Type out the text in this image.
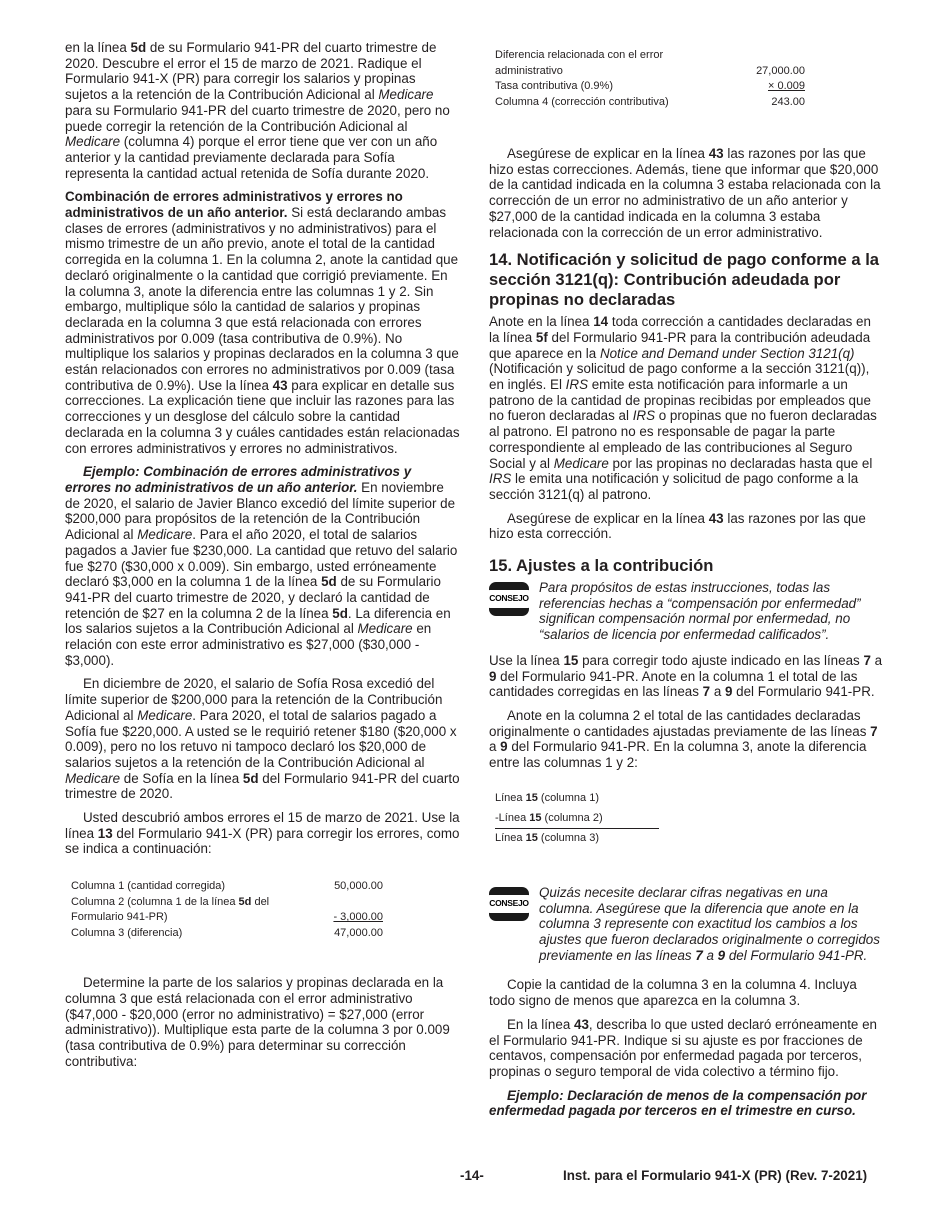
en la línea 5d de su Formulario 941-PR del cuarto trimestre de 2020. Descubre el error el 15 de marzo de 2021. Radique el Formulario 941-X (PR) para corregir los salarios y propinas sujetos a la retención de la Contribución Adicional al Medicare para su Formulario 941-PR del cuarto trimestre de 2020, pero no puede corregir la retención de la Contribución Adicional al Medicare (columna 4) porque el error tiene que ver con un año anterior y la cantidad previamente declarada para Sofía representa la cantidad actual retenida de Sofía durante 2020.

Combinación de errores administrativos y errores no administrativos de un año anterior. Si está declarando ambas clases de errores (administrativos y no administrativos) para el mismo trimestre de un año previo, anote el total de la cantidad corregida en la columna 1. En la columna 2, anote la cantidad que declaró originalmente o la cantidad que corrigió previamente. En la columna 3, anote la diferencia entre las columnas 1 y 2. Sin embargo, multiplique sólo la cantidad de salarios y propinas declarada en la columna 3 que está relacionada con errores administrativos por 0.009 (tasa contributiva de 0.9%). No multiplique los salarios y propinas declarados en la columna 3 que están relacionados con errores no administrativos por 0.009 (tasa contributiva de 0.9%). Use la línea 43 para explicar en detalle sus correcciones. La explicación tiene que incluir las razones para las correcciones y un desglose del cálculo sobre la cantidad declarada en la columna 3 y cuáles cantidades están relacionadas con errores administrativos y errores no administrativos.

Ejemplo: Combinación de errores administrativos y errores no administrativos de un año anterior. En noviembre de 2020, el salario de Javier Blanco excedió del límite superior de $200,000 para propósitos de la retención de la Contribución Adicional al Medicare. Para el año 2020, el total de salarios pagados a Javier fue $230,000. La cantidad que retuvo del salario fue $270 ($30,000 x 0.009). Sin embargo, usted erróneamente declaró $3,000 en la columna 1 de la línea 5d de su Formulario 941-PR del cuarto trimestre de 2020, y declaró la cantidad de retención de $27 en la columna 2 de la línea 5d. La diferencia en los salarios sujetos a la Contribución Adicional al Medicare en relación con este error administrativo es $27,000 ($30,000 - $3,000).

En diciembre de 2020, el salario de Sofía Rosa excedió del límite superior de $200,000 para la retención de la Contribución Adicional al Medicare. Para 2020, el total de salarios pagado a Sofía fue $220,000. A usted se le requirió retener $180 ($20,000 x 0.009), pero no los retuvo ni tampoco declaró los $20,000 de salarios sujetos a la retención de la Contribución Adicional al Medicare de Sofía en la línea 5d del Formulario 941-PR del cuarto trimestre de 2020.

Usted descubrió ambos errores el 15 de marzo de 2021. Use la línea 13 del Formulario 941-X (PR) para corregir los errores, como se indica a continuación:

Columna 1 (cantidad corregida)	50,000.00
Columna 2 (columna 1 de la línea 5d del Formulario 941-PR)	- 3,000.00
Columna 3 (diferencia)	47,000.00

Determine la parte de los salarios y propinas declarada en la columna 3 que está relacionada con el error administrativo ($47,000 - $20,000 (error no administrativo) = $27,000 (error administrativo)). Multiplique esta parte de la columna 3 por 0.009 (tasa contributiva de 0.9%) para determinar su corrección contributiva:

Diferencia relacionada con el error administrativo	27,000.00
Tasa contributiva (0.9%)	× 0.009
Columna 4 (corrección contributiva)	243.00

Asegúrese de explicar en la línea 43 las razones por las que hizo estas correcciones. Además, tiene que informar que $20,000 de la cantidad indicada en la columna 3 estaba relacionada con la corrección de un error no administrativo de un año anterior y $27,000 de la cantidad indicada en la columna 3 estaba relacionada con la corrección de un error administrativo.

14. Notificación y solicitud de pago conforme a la sección 3121(q): Contribución adeudada por propinas no declaradas

Anote en la línea 14 toda corrección a cantidades declaradas en la línea 5f del Formulario 941-PR para la contribución adeudada que aparece en la Notice and Demand under Section 3121(q) (Notificación y solicitud de pago conforme a la sección 3121(q)), en inglés. El IRS emite esta notificación para informarle a un patrono de la cantidad de propinas recibidas por empleados que no fueron declaradas al IRS o propinas que no fueron declaradas al patrono. El patrono no es responsable de pagar la parte correspondiente al empleado de las contribuciones al Seguro Social y al Medicare por las propinas no declaradas hasta que el IRS le emita una notificación y solicitud de pago conforme a la sección 3121(q) al patrono.

Asegúrese de explicar en la línea 43 las razones por las que hizo esta corrección.

15. Ajustes a la contribución
CONSEJO
Para propósitos de estas instrucciones, todas las referencias hechas a “compensación por enfermedad” significan compensación normal por enfermedad, no “salarios de licencia por enfermedad calificados”.

Use la línea 15 para corregir todo ajuste indicado en las líneas 7 a 9 del Formulario 941-PR. Anote en la columna 1 el total de las cantidades corregidas en las líneas 7 a 9 del Formulario 941-PR.

Anote en la columna 2 el total de las cantidades declaradas originalmente o cantidades ajustadas previamente de las líneas 7 a 9 del Formulario 941-PR. En la columna 3, anote la diferencia entre las columnas 1 y 2:

Línea 15 (columna 1)
-Línea 15 (columna 2)
Línea 15 (columna 3)
CONSEJO
Quizás necesite declarar cifras negativas en una columna. Asegúrese que la diferencia que anote en la columna 3 represente con exactitud los cambios a los ajustes que fueron declarados originalmente o corregidos previamente en las líneas 7 a 9 del Formulario 941-PR.

Copie la cantidad de la columna 3 en la columna 4. Incluya todo signo de menos que aparezca en la columna 3.

En la línea 43, describa lo que usted declaró erróneamente en el Formulario 941-PR. Indique si su ajuste es por fracciones de centavos, compensación por enfermedad pagada por terceros, propinas o seguro temporal de vida colectivo a término fijo.

Ejemplo: Declaración de menos de la compensación por enfermedad pagada por terceros en el trimestre en curso.

-14-	Inst. para el Formulario 941-X (PR) (Rev. 7-2021)
